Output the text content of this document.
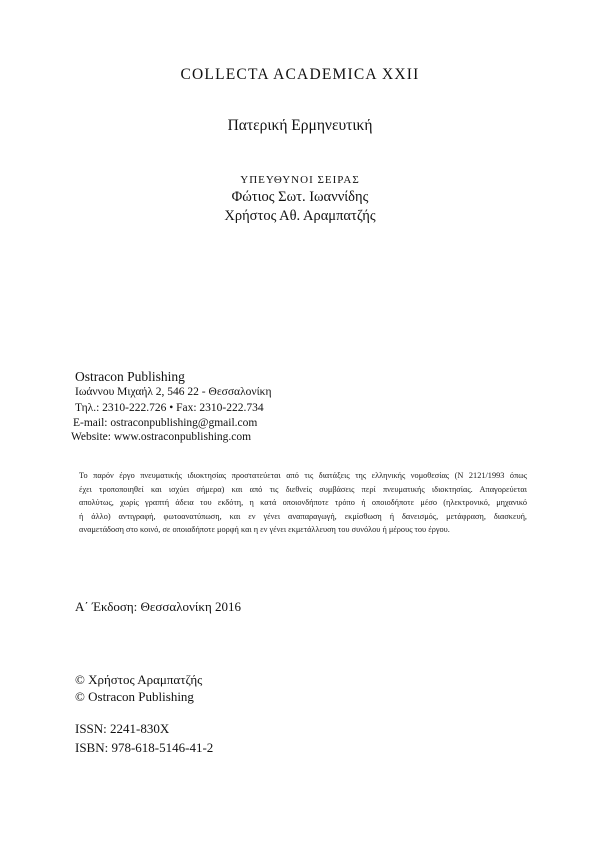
COLLECTA ACADEMICA XXII
Πατερική Ερμηνευτική
ΥΠΕΥΘΥΝΟΙ ΣΕΙΡΑΣ
Φώτιος Σωτ. Ιωαννίδης
Χρήστος Αθ. Αραμπατζής
Ostracon Publishing
Ιωάννου Μιχαήλ 2, 546 22 - Θεσσαλονίκη
Τηλ.: 2310-222.726 • Fax: 2310-222.734
E-mail: ostraconpublishing@gmail.com
Website: www.ostraconpublishing.com
Το παρόν έργο πνευματικής ιδιοκτησίας προστατεύεται από τις διατάξεις της ελληνικής νομοθεσίας (Ν 2121/1993 όπως
έχει τροποποιηθεί και ισχύει σήμερα) και από τις διεθνείς συμβάσεις περί πνευματικής ιδιοκτησίας. Απαγορεύεται
απολύτως, χωρίς γραπτή άδεια του εκδότη, η κατά οποιονδήποτε τρόπο ή οποιοδήποτε μέσο (ηλεκτρονικό, μηχανικό
ή άλλο) αντιγραφή, φωτοανατύπωση, και εν γένει αναπαραγωγή, εκμίσθωση ή δανεισμός, μετάφραση, διασκευή,
αναμετάδοση στο κοινό, σε οποιαδήποτε μορφή και η εν γένει εκμετάλλευση του συνόλου ή μέρους του έργου.
Α΄ Έκδοση: Θεσσαλονίκη 2016
© Χρήστος Αραμπατζής
© Ostracon Publishing
ISSN: 2241-830X
ISBN: 978-618-5146-41-2
